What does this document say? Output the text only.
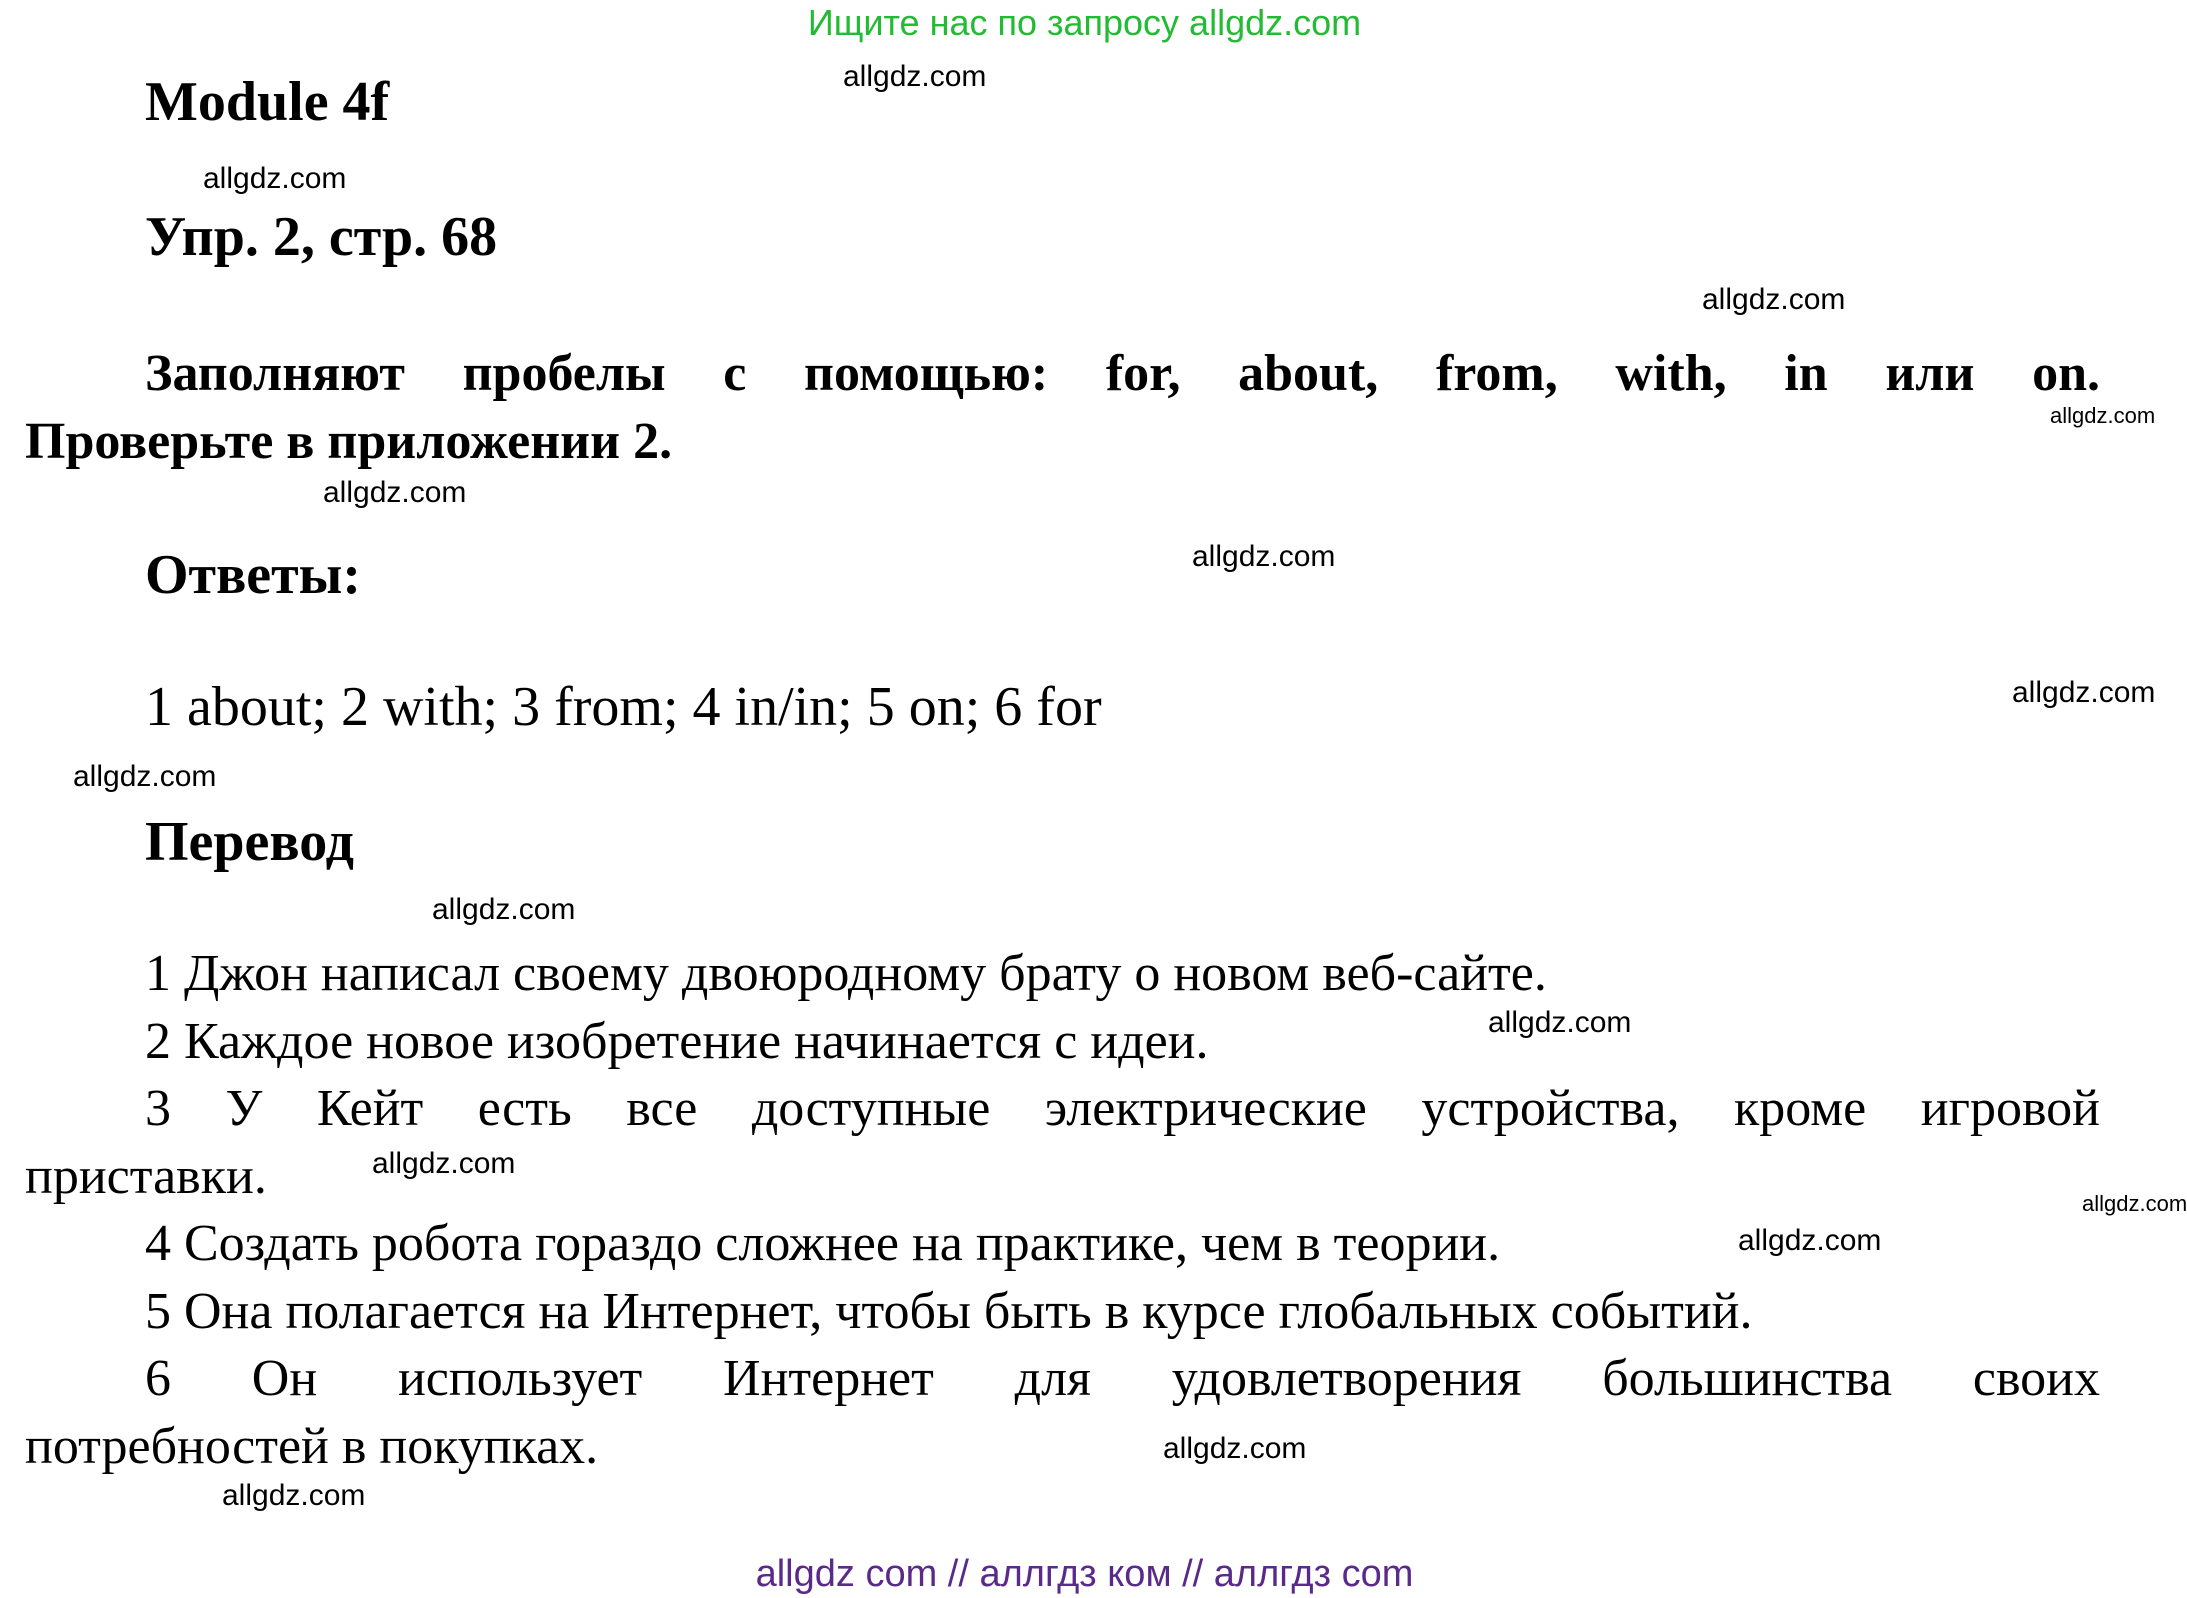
Ищите нас по запросу allgdz.com
Module 4f
Упр. 2, стр. 68
Заполняют пробелы с помощью: for, about, from, with, in или on.
Проверьте в приложении 2.
Ответы:
1 about; 2 with; 3 from; 4 in/in; 5 on; 6 for
Перевод
1 Джон написал своему двоюродному брату о новом веб-сайте.
2 Каждое новое изобретение начинается с идеи.
3 У Кейт есть все доступные электрические устройства, кроме игровой
приставки.
4 Создать робота гораздо сложнее на практике, чем в теории.
5 Она полагается на Интернет, чтобы быть в курсе глобальных событий.
6 Он использует Интернет для удовлетворения большинства своих
потребностей в покупках.
allgdz.com
allgdz.com
allgdz.com
allgdz.com
allgdz.com
allgdz.com
allgdz.com
allgdz.com
allgdz.com
allgdz.com
allgdz.com
allgdz.com
allgdz.com
allgdz.com
allgdz.com
allgdz com // аллгдз ком // аллгдз com
